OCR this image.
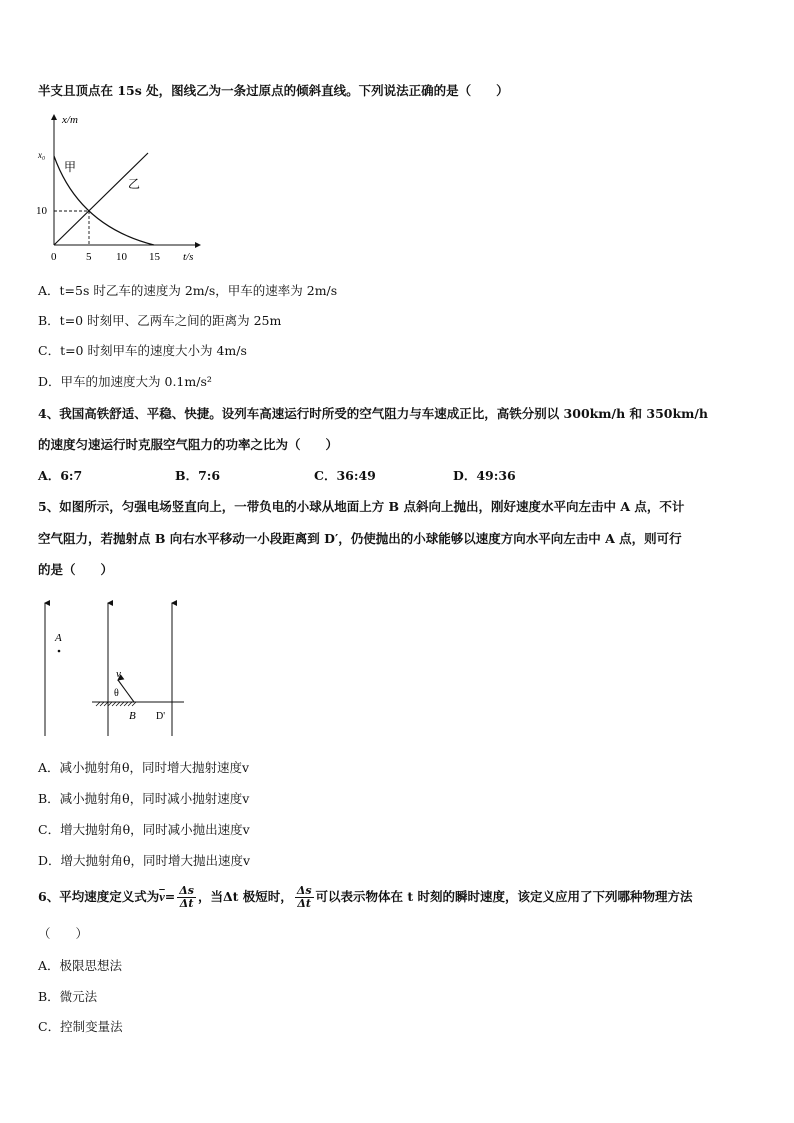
半支且顶点在 15s 处，图线乙为一条过原点的倾斜直线。下列说法正确的是（　　）
x/m
t/s
x₀
10
0	5 10 15
甲
乙
A．t=5s 时乙车的速度为 2m/s，甲车的速率为 2m/s
B．t=0 时刻甲、乙两车之间的距离为 25m
C．t=0 时刻甲车的速度大小为 4m/s
D．甲车的加速度大为 0.1m/s²
4、我国高铁舒适、平稳、快捷。设列车高速运行时所受的空气阻力与车速成正比，高铁分别以 300km/h 和 350km/h
的速度匀速运行时克服空气阻力的功率之比为（　　）
A．6:7	B．7:6	C．36:49	D．49:36
5、如图所示，匀强电场竖直向上，一带负电的小球从地面上方 B 点斜向上抛出，刚好速度水平向左击中 A 点，不计
空气阻力，若抛射点 B 向右水平移动一小段距离到 D′，仍使抛出的小球能够以速度方向水平向左击中 A 点，则可行
的是（　　）
A
v
θ
B D'
A．减小抛射角θ，同时增大抛射速度v
B．减小抛射角θ，同时减小抛射速度v
C．增大抛射角θ，同时减小抛出速度v
D．增大抛射角θ，同时增大抛出速度v
6、平均速度定义式为$\overline{v}= \frac{\Delta s}{\Delta t}$ ，当Δt 极短时， $\frac{\Delta s}{\Delta t}$ 可以表示物体在 t 时刻的瞬时速度，该定义应用了下列哪种物理方法
（　　）
A．极限思想法
B．微元法
C．控制变量法
